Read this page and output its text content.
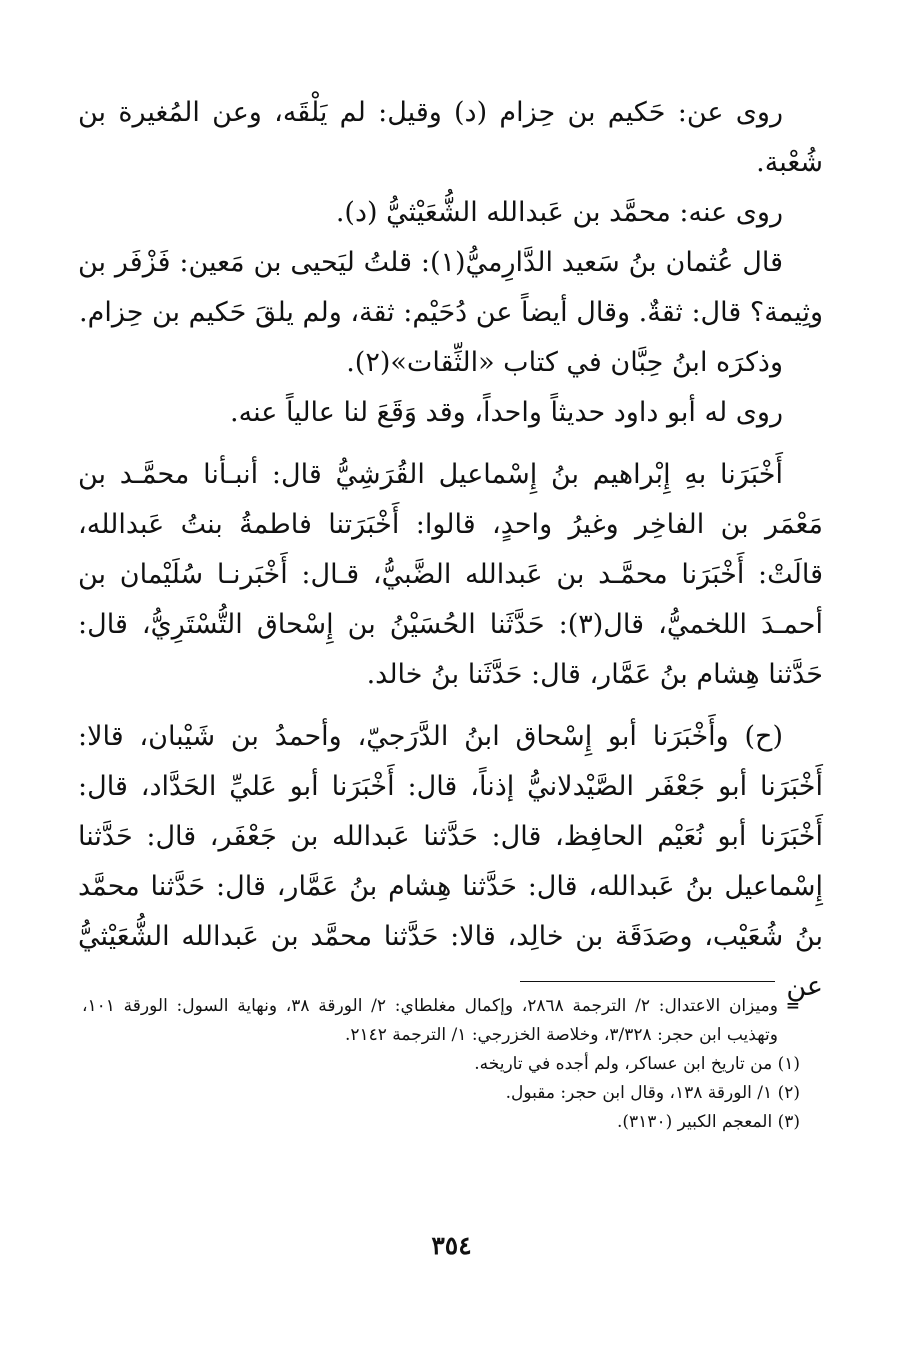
روى عن: حَكيم بن حِزام (د) وقيل: لم يَلْقَه، وعن المُغيرة بن شُعْبة.

روى عنه: محمَّد بن عَبدالله الشُّعَيْثيُّ (د).

قال عُثمان بنُ سَعيد الدَّارِميُّ(١): قلتُ ليَحيى بن مَعين: فَزْفَر بن وثِيمة؟ قال: ثقةٌ. وقال أيضاً عن دُحَيْم: ثقة، ولم يلقَ حَكيم بن حِزام.

وذكرَه ابنُ حِبَّان في كتاب «الثِّقات»(٢).

روى له أبو داود حديثاً واحداً، وقد وَقَعَ لنا عالياً عنه.

أَخْبَرَنا بهِ إِبْراهيم بنُ إِسْماعيل القُرَشِيُّ قال: أنبـأنا محمَّـد بن مَعْمَر بن الفاخِر وغيرُ واحدٍ، قالوا: أَخْبَرَتنا فاطمةُ بنتُ عَبدالله، قالَتْ: أَخْبَرَنا محمَّـد بن عَبدالله الضَّبيُّ، قـال: أَخْبَرنـا سُلَيْمان بن أحمـدَ اللخميُّ، قال(٣): حَدَّثَنا الحُسَيْنُ بن إِسْحاق التُّسْتَرِيُّ، قال: حَدَّثنا هِشام بنُ عَمَّار، قال: حَدَّثَنا بنُ خالد.

(ح) وأَخْبَرَنا أبو إِسْحاق ابنُ الدَّرَجيّ، وأحمدُ بن شَيْبان، قالا: أَخْبَرَنا أبو جَعْفَر الصَّيْدلانيُّ إذناً، قال: أَخْبَرَنا أبو عَليِّ الحَدَّاد، قال: أَخْبَرَنا أبو نُعَيْم الحافِظ، قال: حَدَّثنا عَبدالله بن جَعْفَر، قال: حَدَّثنا إِسْماعيل بنُ عَبدالله، قال: حَدَّثنا هِشام بنُ عَمَّار، قال: حَدَّثنا محمَّد بنُ شُعَيْب، وصَدَقَة بن خالِد، قالا: حَدَّثنا محمَّد بن عَبدالله الشُّعَيْثيُّ عن

=
وميزان الاعتدال: ٢/ الترجمة ٢٨٦٨، وإكمال مغلطاي: ٢/ الورقة ٣٨، ونهاية السول: الورقة ١٠١، وتهذيب ابن حجر: ٣/٣٢٨، وخلاصة الخزرجي: ١/ الترجمة ٢١٤٢.

(١) من تاريخ ابن عساكر، ولم أجده في تاريخه.

(٢) ١/ الورقة ١٣٨، وقال ابن حجر: مقبول.

(٣) المعجم الكبير (٣١٣٠).

٣٥٤
